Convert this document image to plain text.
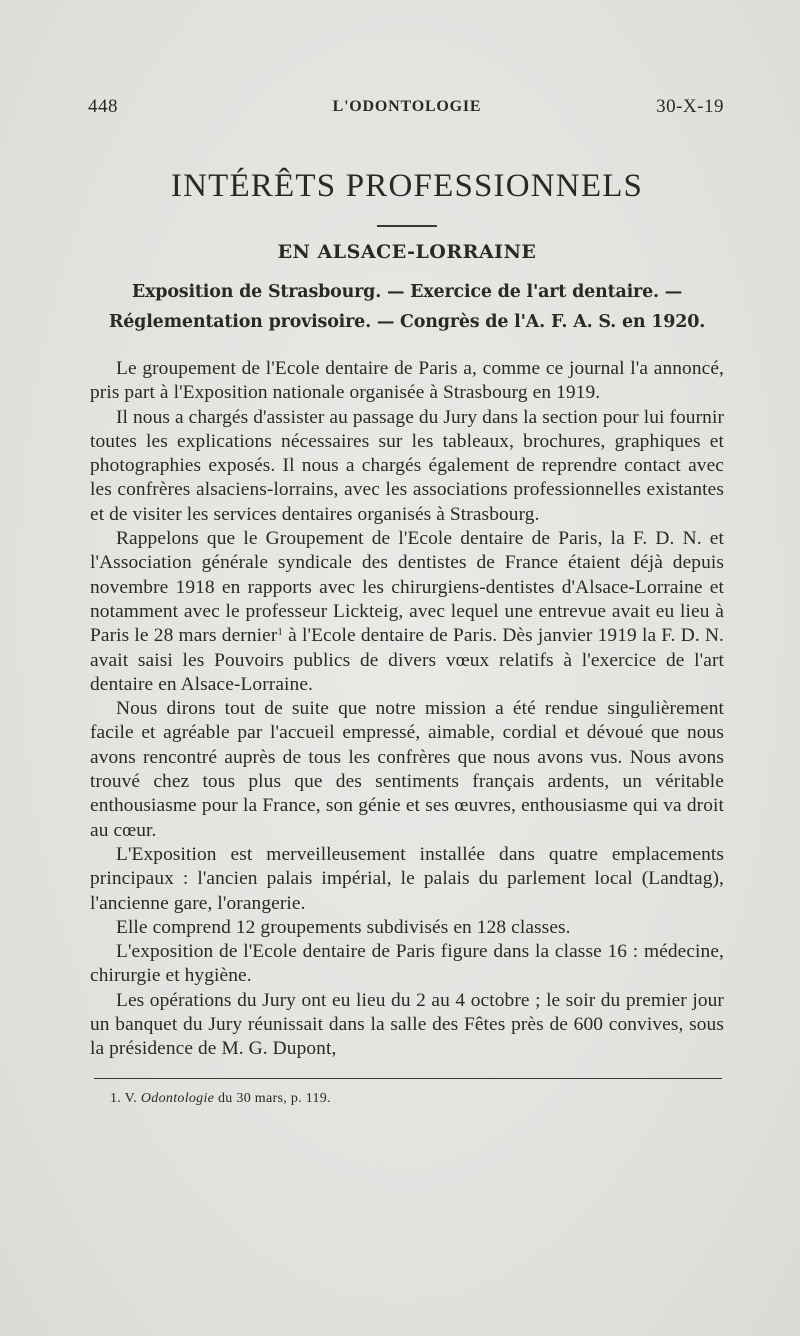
448	L'ODONTOLOGIE	30-X-19
INTÉRÊTS PROFESSIONNELS
EN ALSACE-LORRAINE
Exposition de Strasbourg. — Exercice de l'art dentaire. —
Réglementation provisoire. — Congrès de l'A. F. A. S. en 1920.

Le groupement de l'Ecole dentaire de Paris a, comme ce journal l'a annoncé, pris part à l'Exposition nationale organisée à Strasbourg en 1919.

Il nous a chargés d'assister au passage du Jury dans la section pour lui fournir toutes les explications nécessaires sur les tableaux, brochures, graphiques et photographies exposés. Il nous a chargés également de reprendre contact avec les confrères alsaciens-lorrains, avec les associations professionnelles existantes et de visiter les services dentaires organisés à Strasbourg.

Rappelons que le Groupement de l'Ecole dentaire de Paris, la F. D. N. et l'Association générale syndicale des dentistes de France étaient déjà depuis novembre 1918 en rapports avec les chirurgiens-dentistes d'Alsace-Lorraine et notamment avec le professeur Lickteig, avec lequel une entrevue avait eu lieu à Paris le 28 mars dernier$^1$ à l'Ecole dentaire de Paris. Dès janvier 1919 la F. D. N. avait saisi les Pouvoirs publics de divers vœux relatifs à l'exercice de l'art dentaire en Alsace-Lorraine.

Nous dirons tout de suite que notre mission a été rendue singulièrement facile et agréable par l'accueil empressé, aimable, cordial et dévoué que nous avons rencontré auprès de tous les confrères que nous avons vus. Nous avons trouvé chez tous plus que des sentiments français ardents, un véritable enthousiasme pour la France, son génie et ses œuvres, enthousiasme qui va droit au cœur.

L'Exposition est merveilleusement installée dans quatre emplacements principaux : l'ancien palais impérial, le palais du parlement local (Landtag), l'ancienne gare, l'orangerie.

Elle comprend 12 groupements subdivisés en 128 classes.

L'exposition de l'Ecole dentaire de Paris figure dans la classe 16 : médecine, chirurgie et hygiène.

Les opérations du Jury ont eu lieu du 2 au 4 octobre ; le soir du premier jour un banquet du Jury réunissait dans la salle des Fêtes près de 600 convives, sous la présidence de M. G. Dupont,

1. V. Odontologie du 30 mars, p. 119.
